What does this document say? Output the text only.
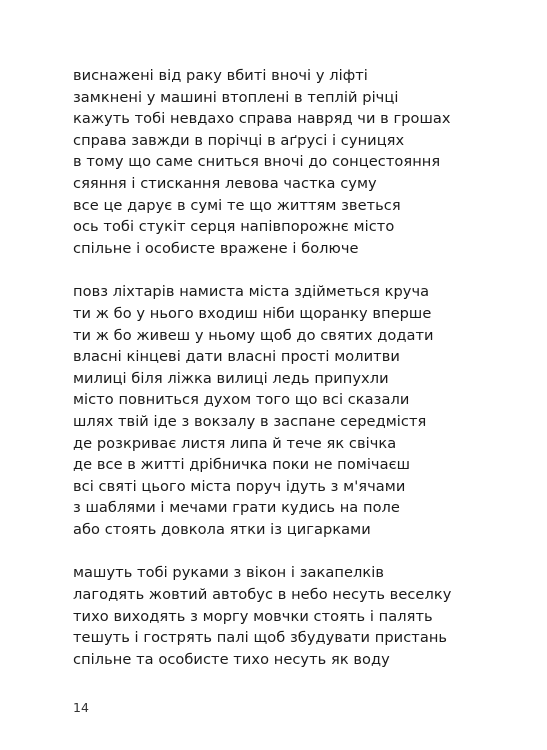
виснажені від раку вбиті вночі у ліфті
замкнені у машині втоплені в теплій річці
кажуть тобі невдахо справа навряд чи в грошах
справа завжди в порічці в аґрусі і суницях
в тому що саме сниться вночі до сонцестояння
сяяння і стискання левова частка суму
все це дарує в сумі те що життям зветься
ось тобі стукіт серця напівпорожнє місто
спільне і особисте вражене і болюче

повз ліхтарів намиста міста здійметься круча
ти ж бо у нього входиш ніби щоранку вперше
ти ж бо живеш у ньому щоб до святих додати
власні кінцеві дати власні прості молитви
милиці біля ліжка вилиці ледь припухли
місто повниться духом того що всі сказали
шлях твій іде з вокзалу в заспане середмістя
де розкриває листя липа й тече як свічка
де все в житті дрібничка поки не помічаєш
всі святі цього міста поруч ідуть з м'ячами
з шаблями і мечами грати кудись на поле
або стоять довкола ятки із цигарками

машуть тобі руками з вікон і закапелків
лагодять жовтий автобус в небо несуть веселку
тихо виходять з моргу мовчки стоять і палять
тешуть і гострять палі щоб збудувати пристань
спільне та особисте тихо несуть як воду

14
